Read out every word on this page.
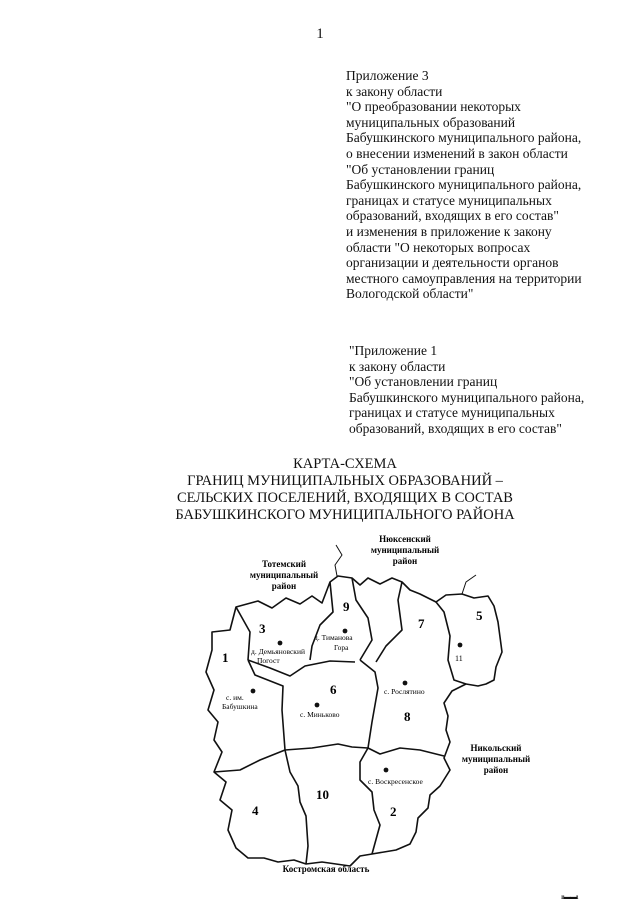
1
Приложение 3
к закону области
"О преобразовании некоторых
муниципальных образований
Бабушкинского муниципального района,
о внесении изменений в закон области
"Об установлении границ
Бабушкинского муниципального района,
границах и статусе муниципальных
образований, входящих в его состав"
и изменения в приложение к закону
области "О некоторых вопросах
организации и деятельности органов
местного самоуправления на территории
Вологодской области"
"Приложение 1
к закону области
"Об установлении границ
Бабушкинского муниципального района,
границах и статусе муниципальных
образований, входящих в его состав"
КАРТА-СХЕМА
ГРАНИЦ МУНИЦИПАЛЬНЫХ ОБРАЗОВАНИЙ –
СЕЛЬСКИХ ПОСЕЛЕНИЙ, ВХОДЯЩИХ В СОСТАВ
БАБУШКИНСКОГО МУНИЦИПАЛЬНОГО РАЙОНА
Нюксенский
муниципальный
район
Тотемский
муниципальный
район
Никольский
муниципальный
район
Костромская область
1
2
3
4
5
6
7
8
9
10
11
д. Демьяновский
Погост
д. Тиманова
Гора
с. им.
Бабушкина
с. Миньково
с. Рослятино
с. Воскресенское
ııı▬▬ıı
